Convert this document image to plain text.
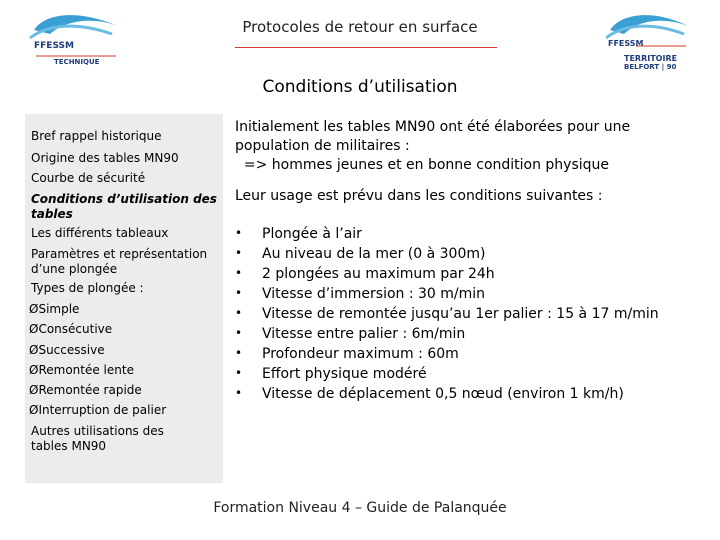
FFESSM
TECHNIQUE
Protocoles de retour en surface
FFESSM
TERRITOIRE
BELFORT | 90
Conditions d’utilisation
Bref rappel historique
Origine des tables MN90
Courbe de sécurité
Conditions d’utilisation des tables
Les différents tableaux
Paramètres et représentation d’une plongée
Types de plongée :
ØSimple
ØConsécutive
ØSuccessive
ØRemontée lente
ØRemontée rapide
ØInterruption de palier
Autres utilisations des tables MN90
Initialement les tables MN90 ont été élaborées pour une
population de militaires :
=> hommes jeunes et en bonne condition physique
Leur usage est prévu dans les conditions suivantes :
• Plongée à l’air
• Au niveau de la mer (0 à 300m)
• 2 plongées au maximum par 24h
• Vitesse d’immersion : 30 m/min
• Vitesse de remontée jusqu’au 1er palier : 15 à 17 m/min
• Vitesse entre palier : 6m/min
• Profondeur maximum : 60m
• Effort physique modéré
• Vitesse de déplacement 0,5 nœud (environ 1 km/h)
Formation Niveau 4 – Guide de Palanquée
